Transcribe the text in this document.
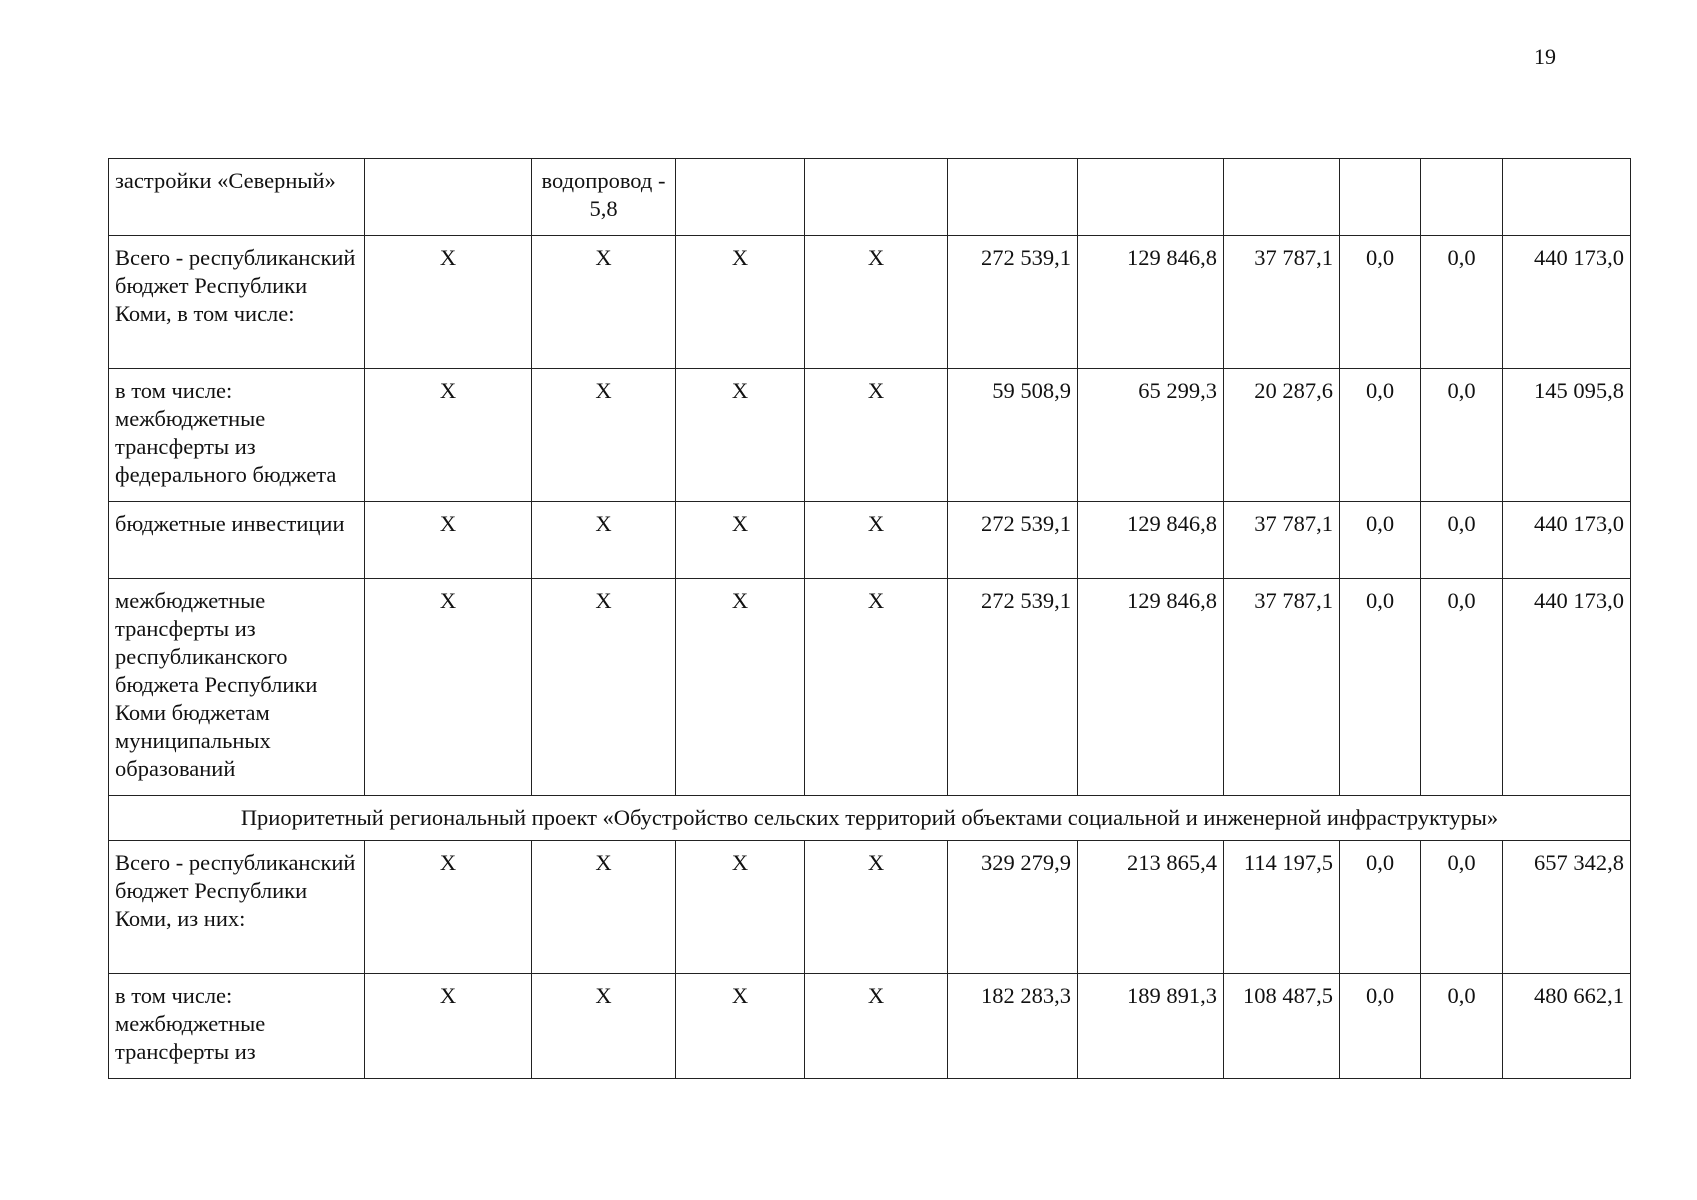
19
застройки «Северный»		водопровод - 5,8								
Всего - республиканский бюджет Республики Коми, в том числе:	X	X	X	X	272 539,1	129 846,8	37 787,1	0,0	0,0	440 173,0
в том числе: межбюджетные трансферты из федерального бюджета	X	X	X	X	59 508,9	65 299,3	20 287,6	0,0	0,0	145 095,8
бюджетные инвестиции	X	X	X	X	272 539,1	129 846,8	37 787,1	0,0	0,0	440 173,0
межбюджетные трансферты из республиканского бюджета Республики Коми бюджетам муниципальных образований	X	X	X	X	272 539,1	129 846,8	37 787,1	0,0	0,0	440 173,0
Приоритетный региональный проект «Обустройство сельских территорий объектами социальной и инженерной инфраструктуры»										
Всего - республиканский бюджет Республики Коми, из них:	X	X	X	X	329 279,9	213 865,4	114 197,5	0,0	0,0	657 342,8
в том числе: межбюджетные трансферты из	X	X	X	X	182 283,3	189 891,3	108 487,5	0,0	0,0	480 662,1
